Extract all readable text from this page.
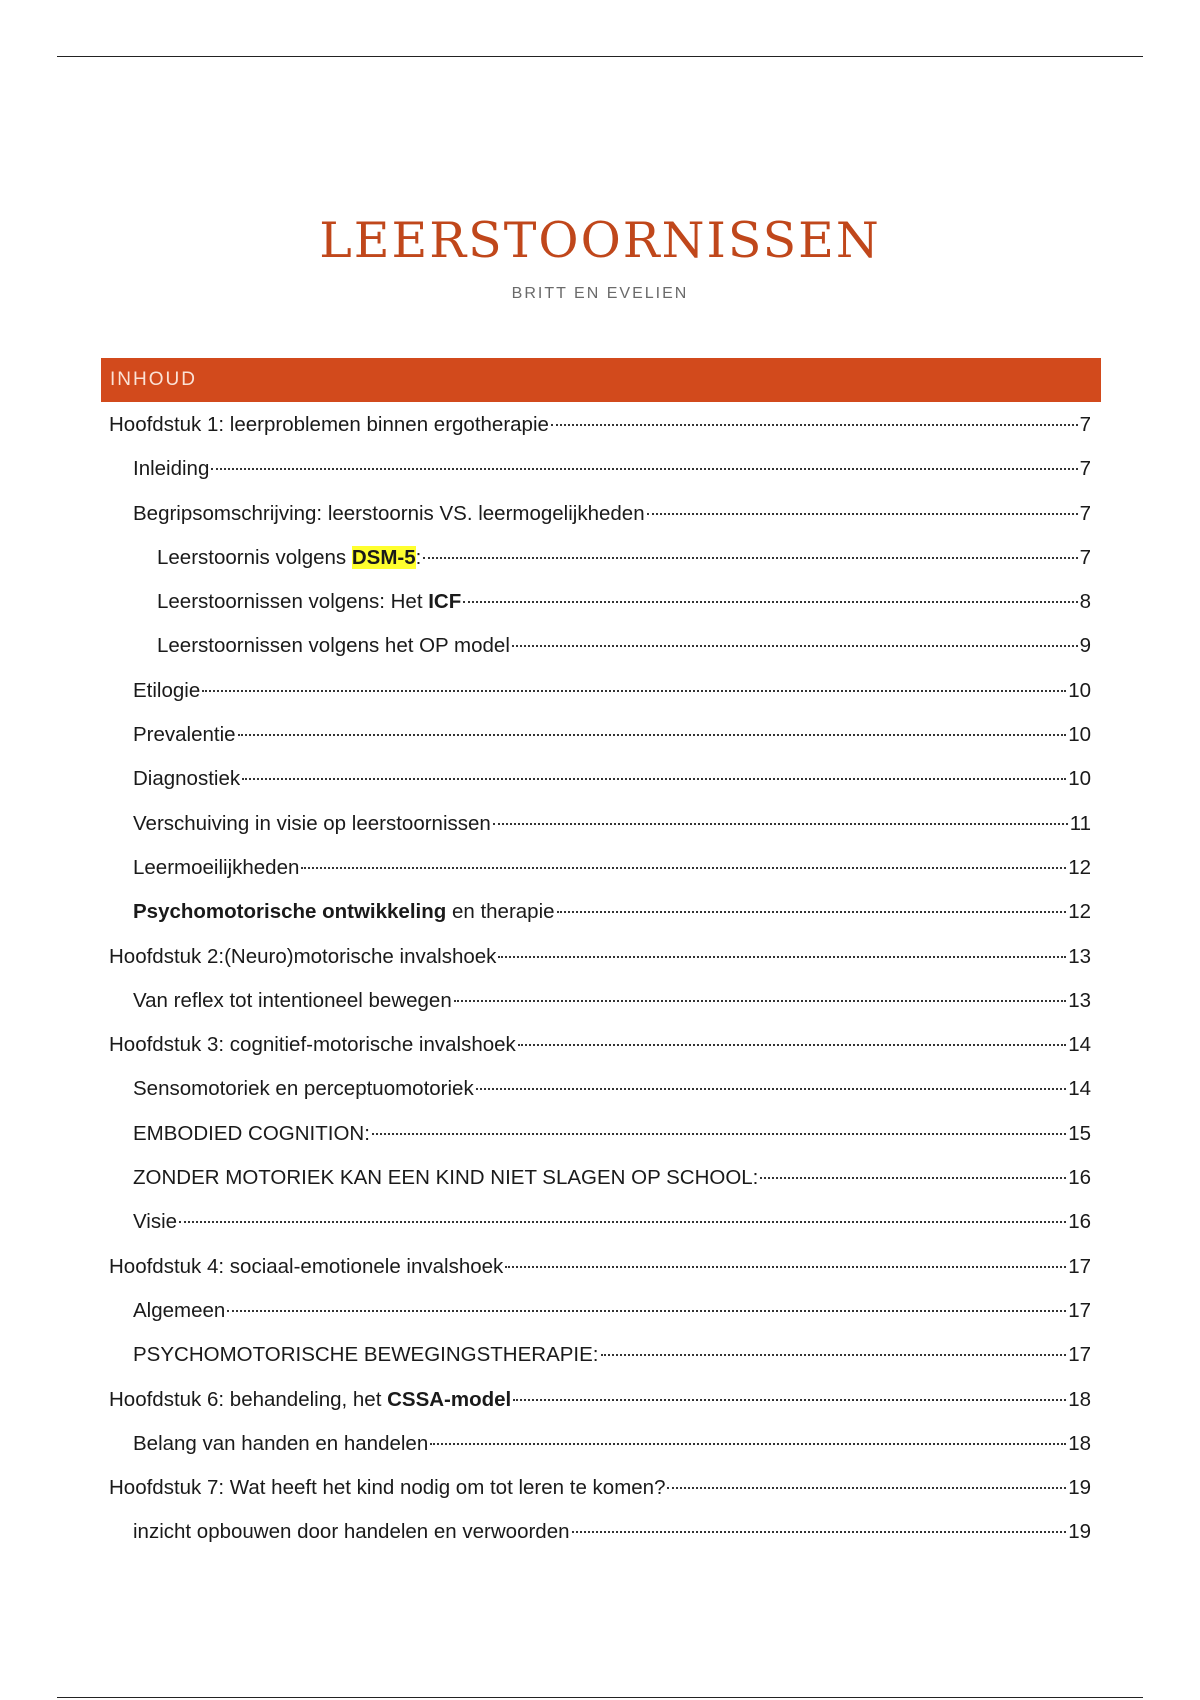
LEERSTOORNISSEN
BRITT EN EVELIEN
INHOUD
Hoofdstuk 1: leerproblemen binnen ergotherapie	7
Inleiding	7
Begripsomschrijving: leerstoornis VS. leermogelijkheden	7
Leerstoornis volgens DSM-5:	7
Leerstoornissen volgens: Het ICF	8
Leerstoornissen volgens het OP model	9
Etilogie	10
Prevalentie	10
Diagnostiek	10
Verschuiving in visie op leerstoornissen	11
Leermoeilijkheden	12
Psychomotorische ontwikkeling en therapie	12
Hoofdstuk 2:(Neuro)motorische invalshoek	13
Van reflex tot intentioneel bewegen	13
Hoofdstuk 3: cognitief-motorische invalshoek	14
Sensomotoriek en perceptuomotoriek	14
EMBODIED COGNITION:	15
ZONDER MOTORIEK KAN EEN KIND NIET SLAGEN OP SCHOOL:	16
Visie	16
Hoofdstuk 4: sociaal-emotionele invalshoek	17
Algemeen	17
PSYCHOMOTORISCHE BEWEGINGSTHERAPIE:	17
Hoofdstuk 6: behandeling, het CSSA-model	18
Belang van handen en handelen	18
Hoofdstuk 7: Wat heeft het kind nodig om tot leren te komen?	19
inzicht opbouwen door handelen en verwoorden	19
